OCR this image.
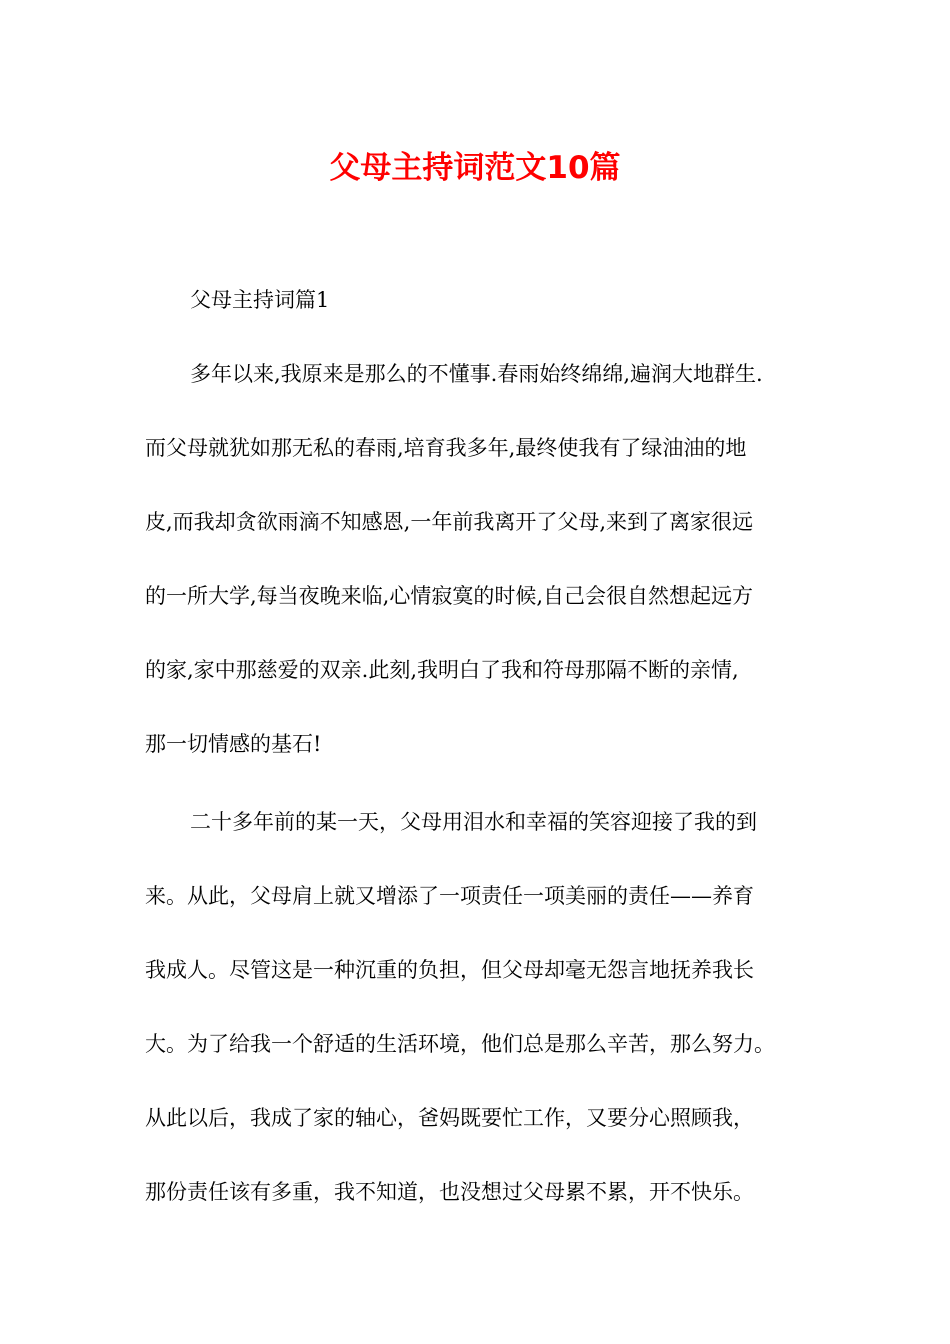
父母主持词范文10篇
父母主持词篇1
多年以来,我原来是那么的不懂事.春雨始终绵绵,遍润大地群生.
而父母就犹如那无私的春雨,培育我多年,最终使我有了绿油油的地
皮,而我却贪欲雨滴不知感恩,一年前我离开了父母,来到了离家很远
的一所大学,每当夜晚来临,心情寂寞的时候,自己会很自然想起远方
的家,家中那慈爱的双亲.此刻,我明白了我和符母那隔不断的亲情,
那一切情感的基石!
二十多年前的某一天，父母用泪水和幸福的笑容迎接了我的到
来。从此，父母肩上就又增添了一项责任一项美丽的责任——养育
我成人。尽管这是一种沉重的负担，但父母却毫无怨言地抚养我长
大。为了给我一个舒适的生活环境，他们总是那么辛苦，那么努力。
从此以后，我成了家的轴心，爸妈既要忙工作，又要分心照顾我，
那份责任该有多重，我不知道，也没想过父母累不累，开不快乐。
